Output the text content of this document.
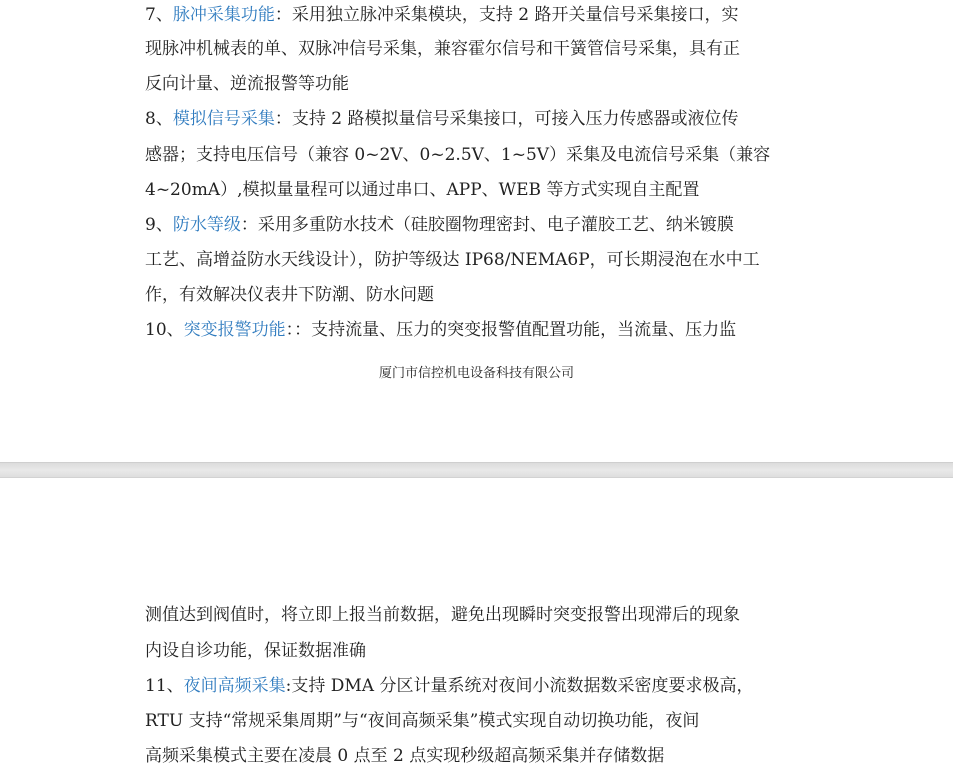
7、脉冲采集功能：采用独立脉冲采集模块，支持 2 路开关量信号采集接口，实
现脉冲机械表的单、双脉冲信号采集，兼容霍尔信号和干簧管信号采集，具有正
反向计量、逆流报警等功能
8、模拟信号采集：支持 2 路模拟量信号采集接口，可接入压力传感器或液位传
感器；支持电压信号（兼容 0~2V、0~2.5V、1~5V）采集及电流信号采集（兼容
4~20mA）,模拟量量程可以通过串口、APP、WEB 等方式实现自主配置
9、防水等级：采用多重防水技术（硅胶圈物理密封、电子灌胶工艺、纳米镀膜
工艺、高增益防水天线设计），防护等级达 IP68/NEMA6P，可长期浸泡在水中工
作，有效解决仪表井下防潮、防水问题
10、突变报警功能：：支持流量、压力的突变报警值配置功能，当流量、压力监
厦门市信控机电设备科技有限公司
测值达到阀值时，将立即上报当前数据，避免出现瞬时突变报警出现滞后的现象
内设自诊功能，保证数据准确
11、夜间高频采集:支持 DMA 分区计量系统对夜间小流数据数采密度要求极高，
RTU 支持“常规采集周期”与“夜间高频采集”模式实现自动切换功能，夜间
高频采集模式主要在凌晨 0 点至 2 点实现秒级超高频采集并存储数据
